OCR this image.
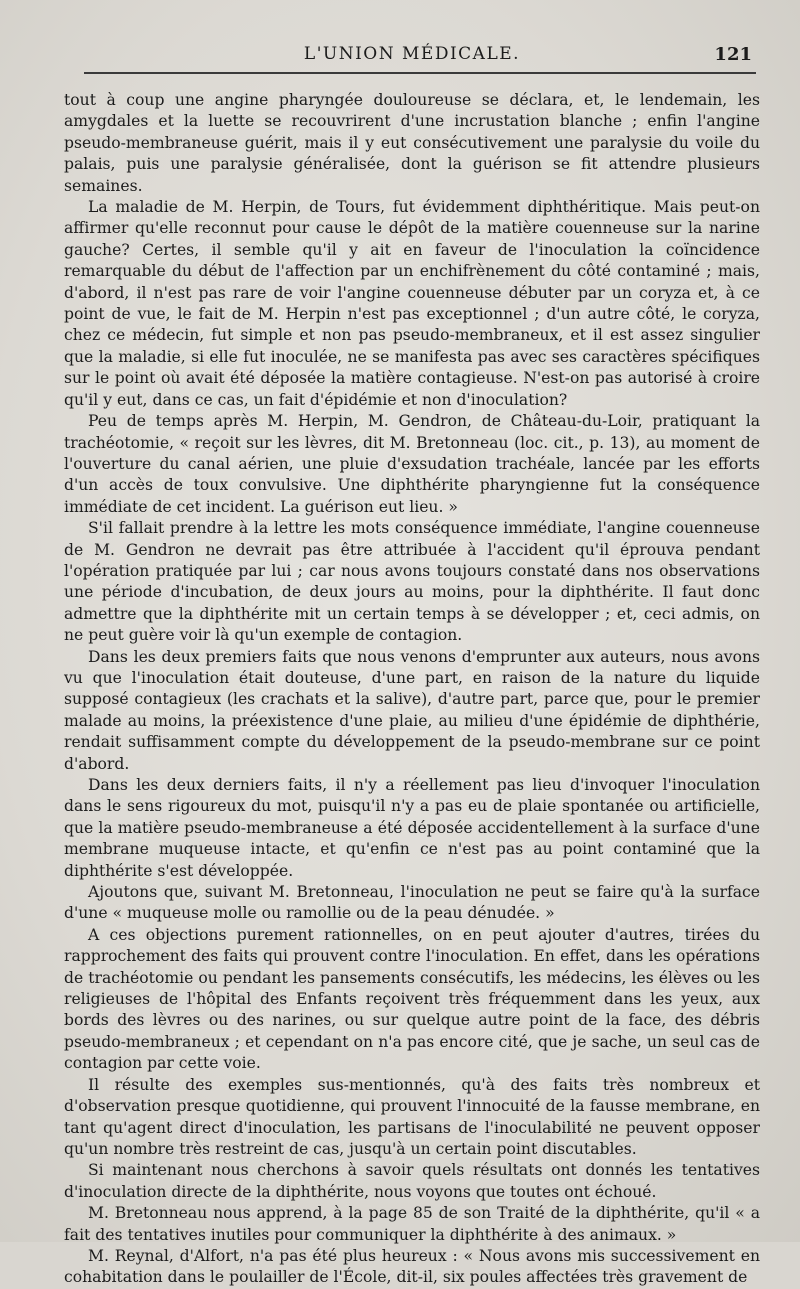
L'UNION MÉDICALE.	121

tout à coup une angine pharyngée douloureuse se déclara, et, le lendemain, les amygdales et la luette se recouvrirent d'une incrustation blanche ; enfin l'angine pseudo-membraneuse guérit, mais il y eut consécutivement une paralysie du voile du palais, puis une paralysie généralisée, dont la guérison se fit attendre plusieurs semaines.

La maladie de M. Herpin, de Tours, fut évidemment diphthéritique. Mais peut-on affirmer qu'elle reconnut pour cause le dépôt de la matière couenneuse sur la narine gauche? Certes, il semble qu'il y ait en faveur de l'inoculation la coïncidence remarquable du début de l'affection par un enchifrènement du côté contaminé ; mais, d'abord, il n'est pas rare de voir l'angine couenneuse débuter par un coryza et, à ce point de vue, le fait de M. Herpin n'est pas exceptionnel ; d'un autre côté, le coryza, chez ce médecin, fut simple et non pas pseudo-membraneux, et il est assez singulier que la maladie, si elle fut inoculée, ne se manifesta pas avec ses caractères spécifiques sur le point où avait été déposée la matière contagieuse. N'est-on pas autorisé à croire qu'il y eut, dans ce cas, un fait d'épidémie et non d'inoculation?

Peu de temps après M. Herpin, M. Gendron, de Château-du-Loir, pratiquant la trachéotomie, « reçoit sur les lèvres, dit M. Bretonneau (loc. cit., p. 13), au moment de l'ouverture du canal aérien, une pluie d'exsudation trachéale, lancée par les efforts d'un accès de toux convulsive. Une diphthérite pharyngienne fut la conséquence immédiate de cet incident. La guérison eut lieu. »

S'il fallait prendre à la lettre les mots conséquence immédiate, l'angine couenneuse de M. Gendron ne devrait pas être attribuée à l'accident qu'il éprouva pendant l'opération pratiquée par lui ; car nous avons toujours constaté dans nos observations une période d'incubation, de deux jours au moins, pour la diphthérite. Il faut donc admettre que la diphthérite mit un certain temps à se développer ; et, ceci admis, on ne peut guère voir là qu'un exemple de contagion.

Dans les deux premiers faits que nous venons d'emprunter aux auteurs, nous avons vu que l'inoculation était douteuse, d'une part, en raison de la nature du liquide supposé contagieux (les crachats et la salive), d'autre part, parce que, pour le premier malade au moins, la préexistence d'une plaie, au milieu d'une épidémie de diphthérie, rendait suffisamment compte du développement de la pseudo-membrane sur ce point d'abord.

Dans les deux derniers faits, il n'y a réellement pas lieu d'invoquer l'inoculation dans le sens rigoureux du mot, puisqu'il n'y a pas eu de plaie spontanée ou artificielle, que la matière pseudo-membraneuse a été déposée accidentellement à la surface d'une membrane muqueuse intacte, et qu'enfin ce n'est pas au point contaminé que la diphthérite s'est développée.

Ajoutons que, suivant M. Bretonneau, l'inoculation ne peut se faire qu'à la surface d'une « muqueuse molle ou ramollie ou de la peau dénudée. »

A ces objections purement rationnelles, on en peut ajouter d'autres, tirées du rapprochement des faits qui prouvent contre l'inoculation. En effet, dans les opérations de trachéotomie ou pendant les pansements consécutifs, les médecins, les élèves ou les religieuses de l'hôpital des Enfants reçoivent très fréquemment dans les yeux, aux bords des lèvres ou des narines, ou sur quelque autre point de la face, des débris pseudo-membraneux ; et cependant on n'a pas encore cité, que je sache, un seul cas de contagion par cette voie.

Il résulte des exemples sus-mentionnés, qu'à des faits très nombreux et d'observation presque quotidienne, qui prouvent l'innocuité de la fausse membrane, en tant qu'agent direct d'inoculation, les partisans de l'inoculabilité ne peuvent opposer qu'un nombre très restreint de cas, jusqu'à un certain point discutables.

Si maintenant nous cherchons à savoir quels résultats ont donnés les tentatives d'inoculation directe de la diphthérite, nous voyons que toutes ont échoué.

M. Bretonneau nous apprend, à la page 85 de son Traité de la diphthérite, qu'il « a fait des tentatives inutiles pour communiquer la diphthérite à des animaux. »

M. Reynal, d'Alfort, n'a pas été plus heureux : « Nous avons mis successivement en cohabitation dans le poulailler de l'École, dit-il, six poules affectées très gravement de
